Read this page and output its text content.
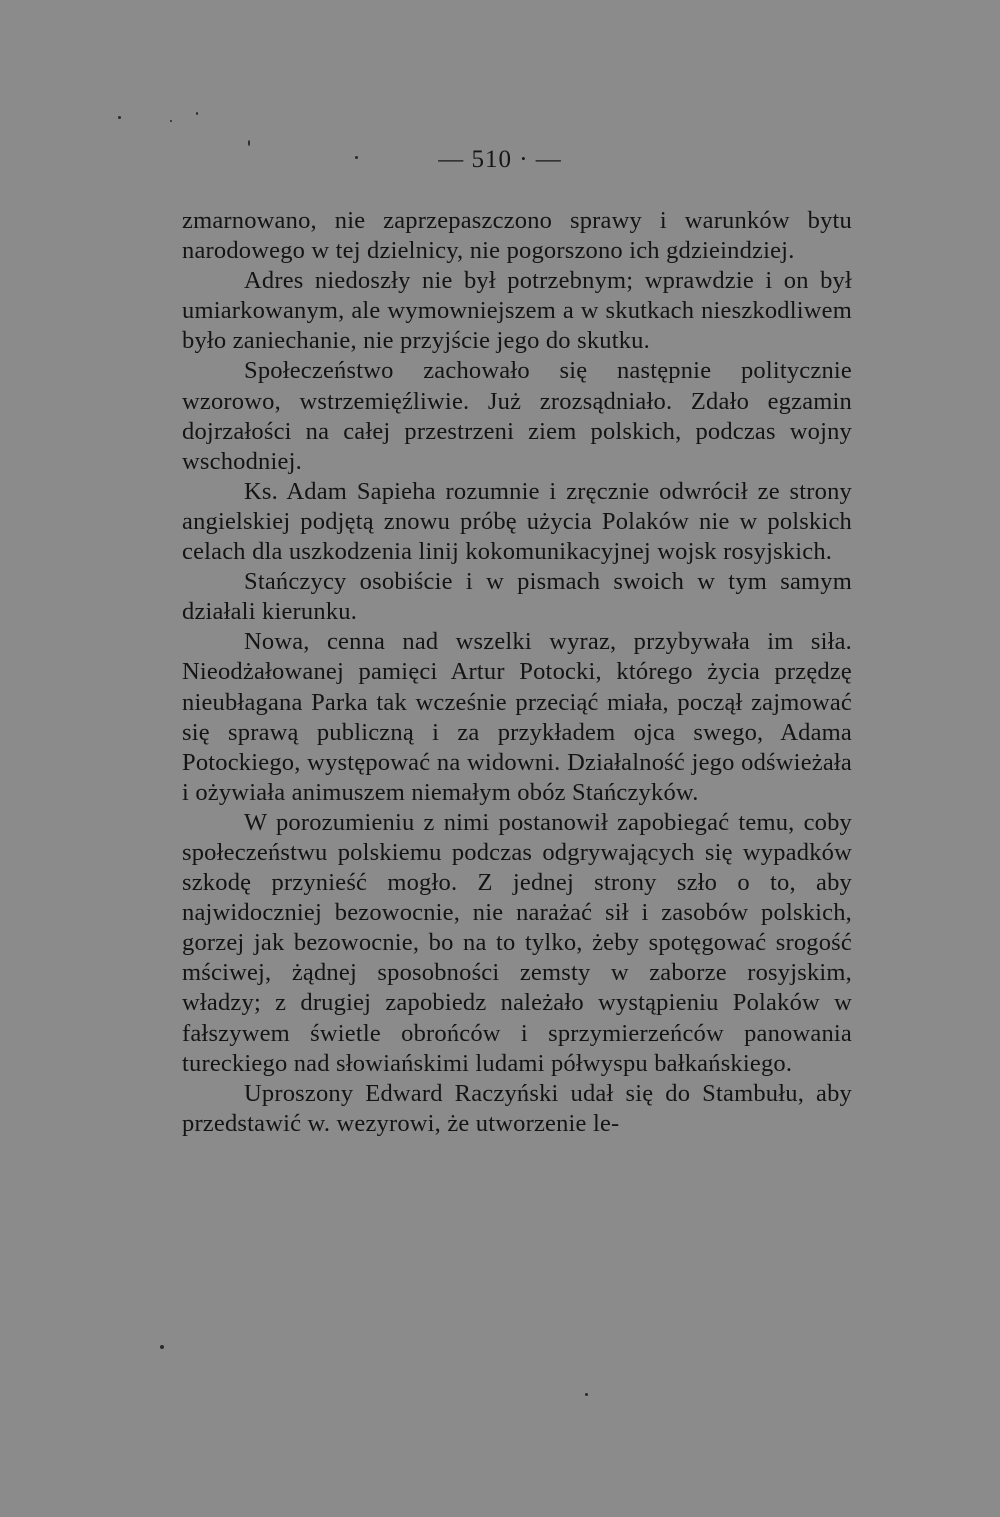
— 510 · —

zmarnowano, nie zaprzepaszczono sprawy i warunków bytu narodowego w tej dzielnicy, nie pogorszono ich gdzieindziej.

Adres niedoszły nie był potrzebnym; wprawdzie i on był umiarkowanym, ale wymowniejszem a w skutkach nieszkodliwem było zaniechanie, nie przyjście jego do skutku.

Społeczeństwo zachowało się następnie politycznie wzorowo, wstrzemięźliwie. Już zrozsądniało. Zdało egzamin dojrzałości na całej przestrzeni ziem polskich, podczas wojny wschodniej.

Ks. Adam Sapieha rozumnie i zręcznie odwrócił ze strony angielskiej podjętą znowu próbę użycia Polaków nie w polskich celach dla uszkodzenia linij kokomunikacyjnej wojsk rosyjskich.

Stańczycy osobiście i w pismach swoich w tym samym działali kierunku.

Nowa, cenna nad wszelki wyraz, przybywała im siła. Nieodżałowanej pamięci Artur Potocki, którego życia przędzę nieubłagana Parka tak wcześnie przeciąć miała, począł zajmować się sprawą publiczną i za przykładem ojca swego, Adama Potockiego, występować na widowni. Działalność jego odświeżała i ożywiała animuszem niemałym obóz Stańczyków.

W porozumieniu z nimi postanowił zapobiegać temu, coby społeczeństwu polskiemu podczas odgrywających się wypadków szkodę przynieść mogło. Z jednej strony szło o to, aby najwidoczniej bezowocnie, nie narażać sił i zasobów polskich, gorzej jak bezowocnie, bo na to tylko, żeby spotęgować srogość mściwej, żądnej sposobności zemsty w zaborze rosyjskim, władzy; z drugiej zapobiedz należało wystąpieniu Polaków w fałszywem świetle obrońców i sprzymierzeńców panowania tureckiego nad słowiańskimi ludami półwyspu bałkańskiego.

Uproszony Edward Raczyński udał się do Stambułu, aby przedstawić w. wezyrowi, że utworzenie le-
